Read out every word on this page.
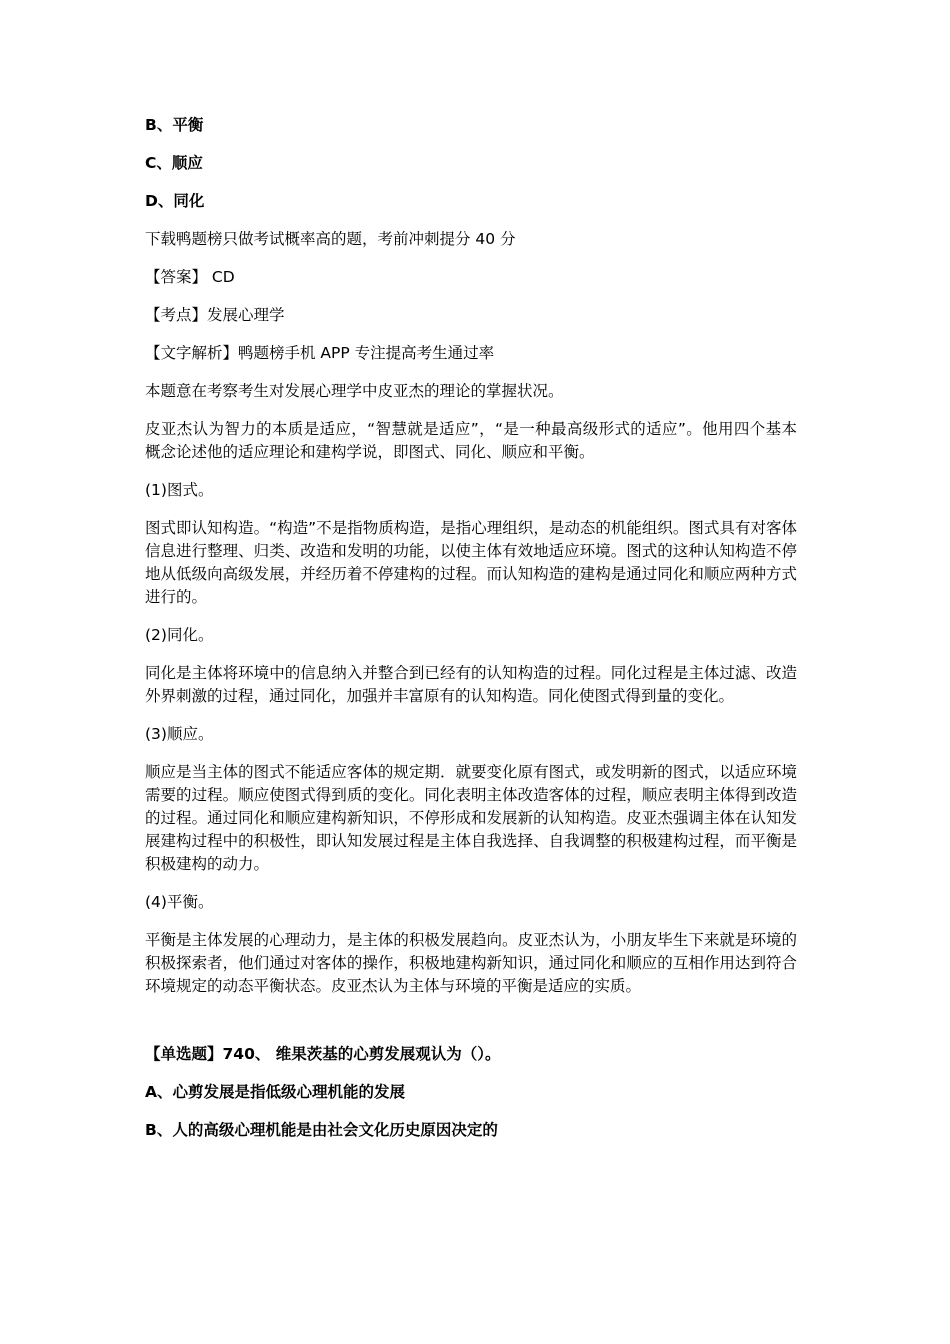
B、平衡

C、顺应

D、同化

下载鸭题榜只做考试概率高的题，考前冲刺提分 40 分

【答案】 CD

【考点】发展心理学

【文字解析】鸭题榜手机 APP 专注提高考生通过率

本题意在考察考生对发展心理学中皮亚杰的理论的掌握状况。

皮亚杰认为智力的本质是适应，“智慧就是适应”，“是一种最高级形式的适应”。他用四个基本概念论述他的适应理论和建构学说，即图式、同化、顺应和平衡。

(1)图式。

图式即认知构造。“构造”不是指物质构造，是指心理组织，是动态的机能组织。图式具有对客体信息进行整理、归类、改造和发明的功能，以使主体有效地适应环境。图式的这种认知构造不停地从低级向高级发展，并经历着不停建构的过程。而认知构造的建构是通过同化和顺应两种方式进行的。

(2)同化。

同化是主体将环境中的信息纳入并整合到已经有的认知构造的过程。同化过程是主体过滤、改造外界刺激的过程，通过同化，加强并丰富原有的认知构造。同化使图式得到量的变化。

(3)顺应。

顺应是当主体的图式不能适应客体的规定期．就要变化原有图式，或发明新的图式，以适应环境需要的过程。顺应使图式得到质的变化。同化表明主体改造客体的过程，顺应表明主体得到改造的过程。通过同化和顺应建构新知识，不停形成和发展新的认知构造。皮亚杰强调主体在认知发展建构过程中的积极性，即认知发展过程是主体自我选择、自我调整的积极建构过程，而平衡是积极建构的动力。

(4)平衡。

平衡是主体发展的心理动力，是主体的积极发展趋向。皮亚杰认为，小朋友毕生下来就是环境的积极探索者，他们通过对客体的操作，积极地建构新知识，通过同化和顺应的互相作用达到符合环境规定的动态平衡状态。皮亚杰认为主体与环境的平衡是适应的实质。

【单选题】740、 维果茨基的心剪发展观认为（）。

A、心剪发展是指低级心理机能的发展

B、人的高级心理机能是由社会文化历史原因决定的
